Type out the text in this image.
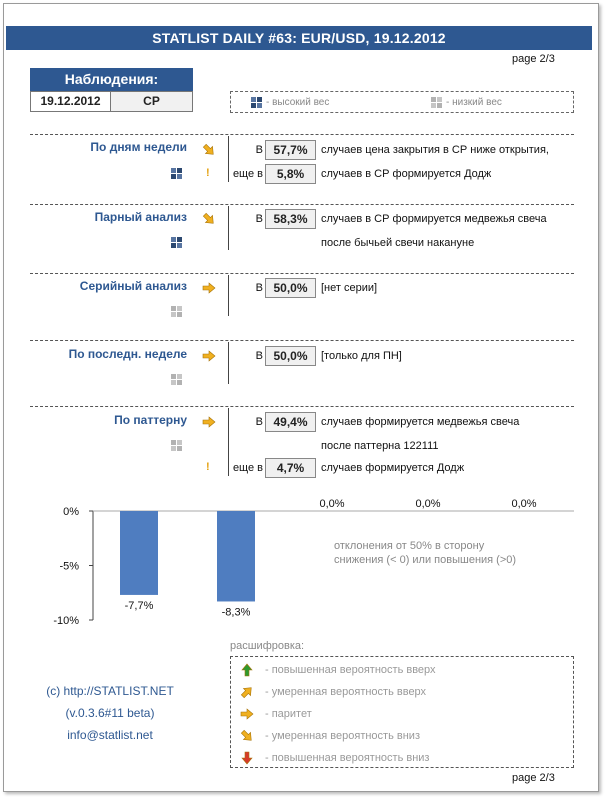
STATLIST DAILY #63: EUR/USD, 19.12.2012
page 2/3
Наблюдения:
19.12.2012	СР	- высокий вес	- низкий вес
По дням недели	В 57,7%	случаев цена закрытия в СР ниже открытия,
! еще в	5,8%	случаев в СР формируется Додж
Парный анализ	В 58,3%	случаев в СР формируется медвежья свеча
после бычьей свечи накануне
Серийный анализ	В 50,0%	[нет серии]
По последн. неделе	В 50,0%	[только для ПН]
По паттерну	В 49,4%	случаев формируется медвежья свеча
после паттерна 122111
! еще в	4,7%	случаев формируется Додж
0%
-5%
-10%
-7,7%
-8,3%
0,0%	0,0%	0,0%
отклонения от 50% в сторону снижения (< 0) или повышения (>0)
расшифровка:
- повышенная вероятность вверх
- умеренная вероятность вверх
- паритет
- умеренная вероятность вниз
- повышенная вероятность вниз
(c) http://STATLIST.NET
(v.0.3.6#11 beta)
info@statlist.net
page 2/3
